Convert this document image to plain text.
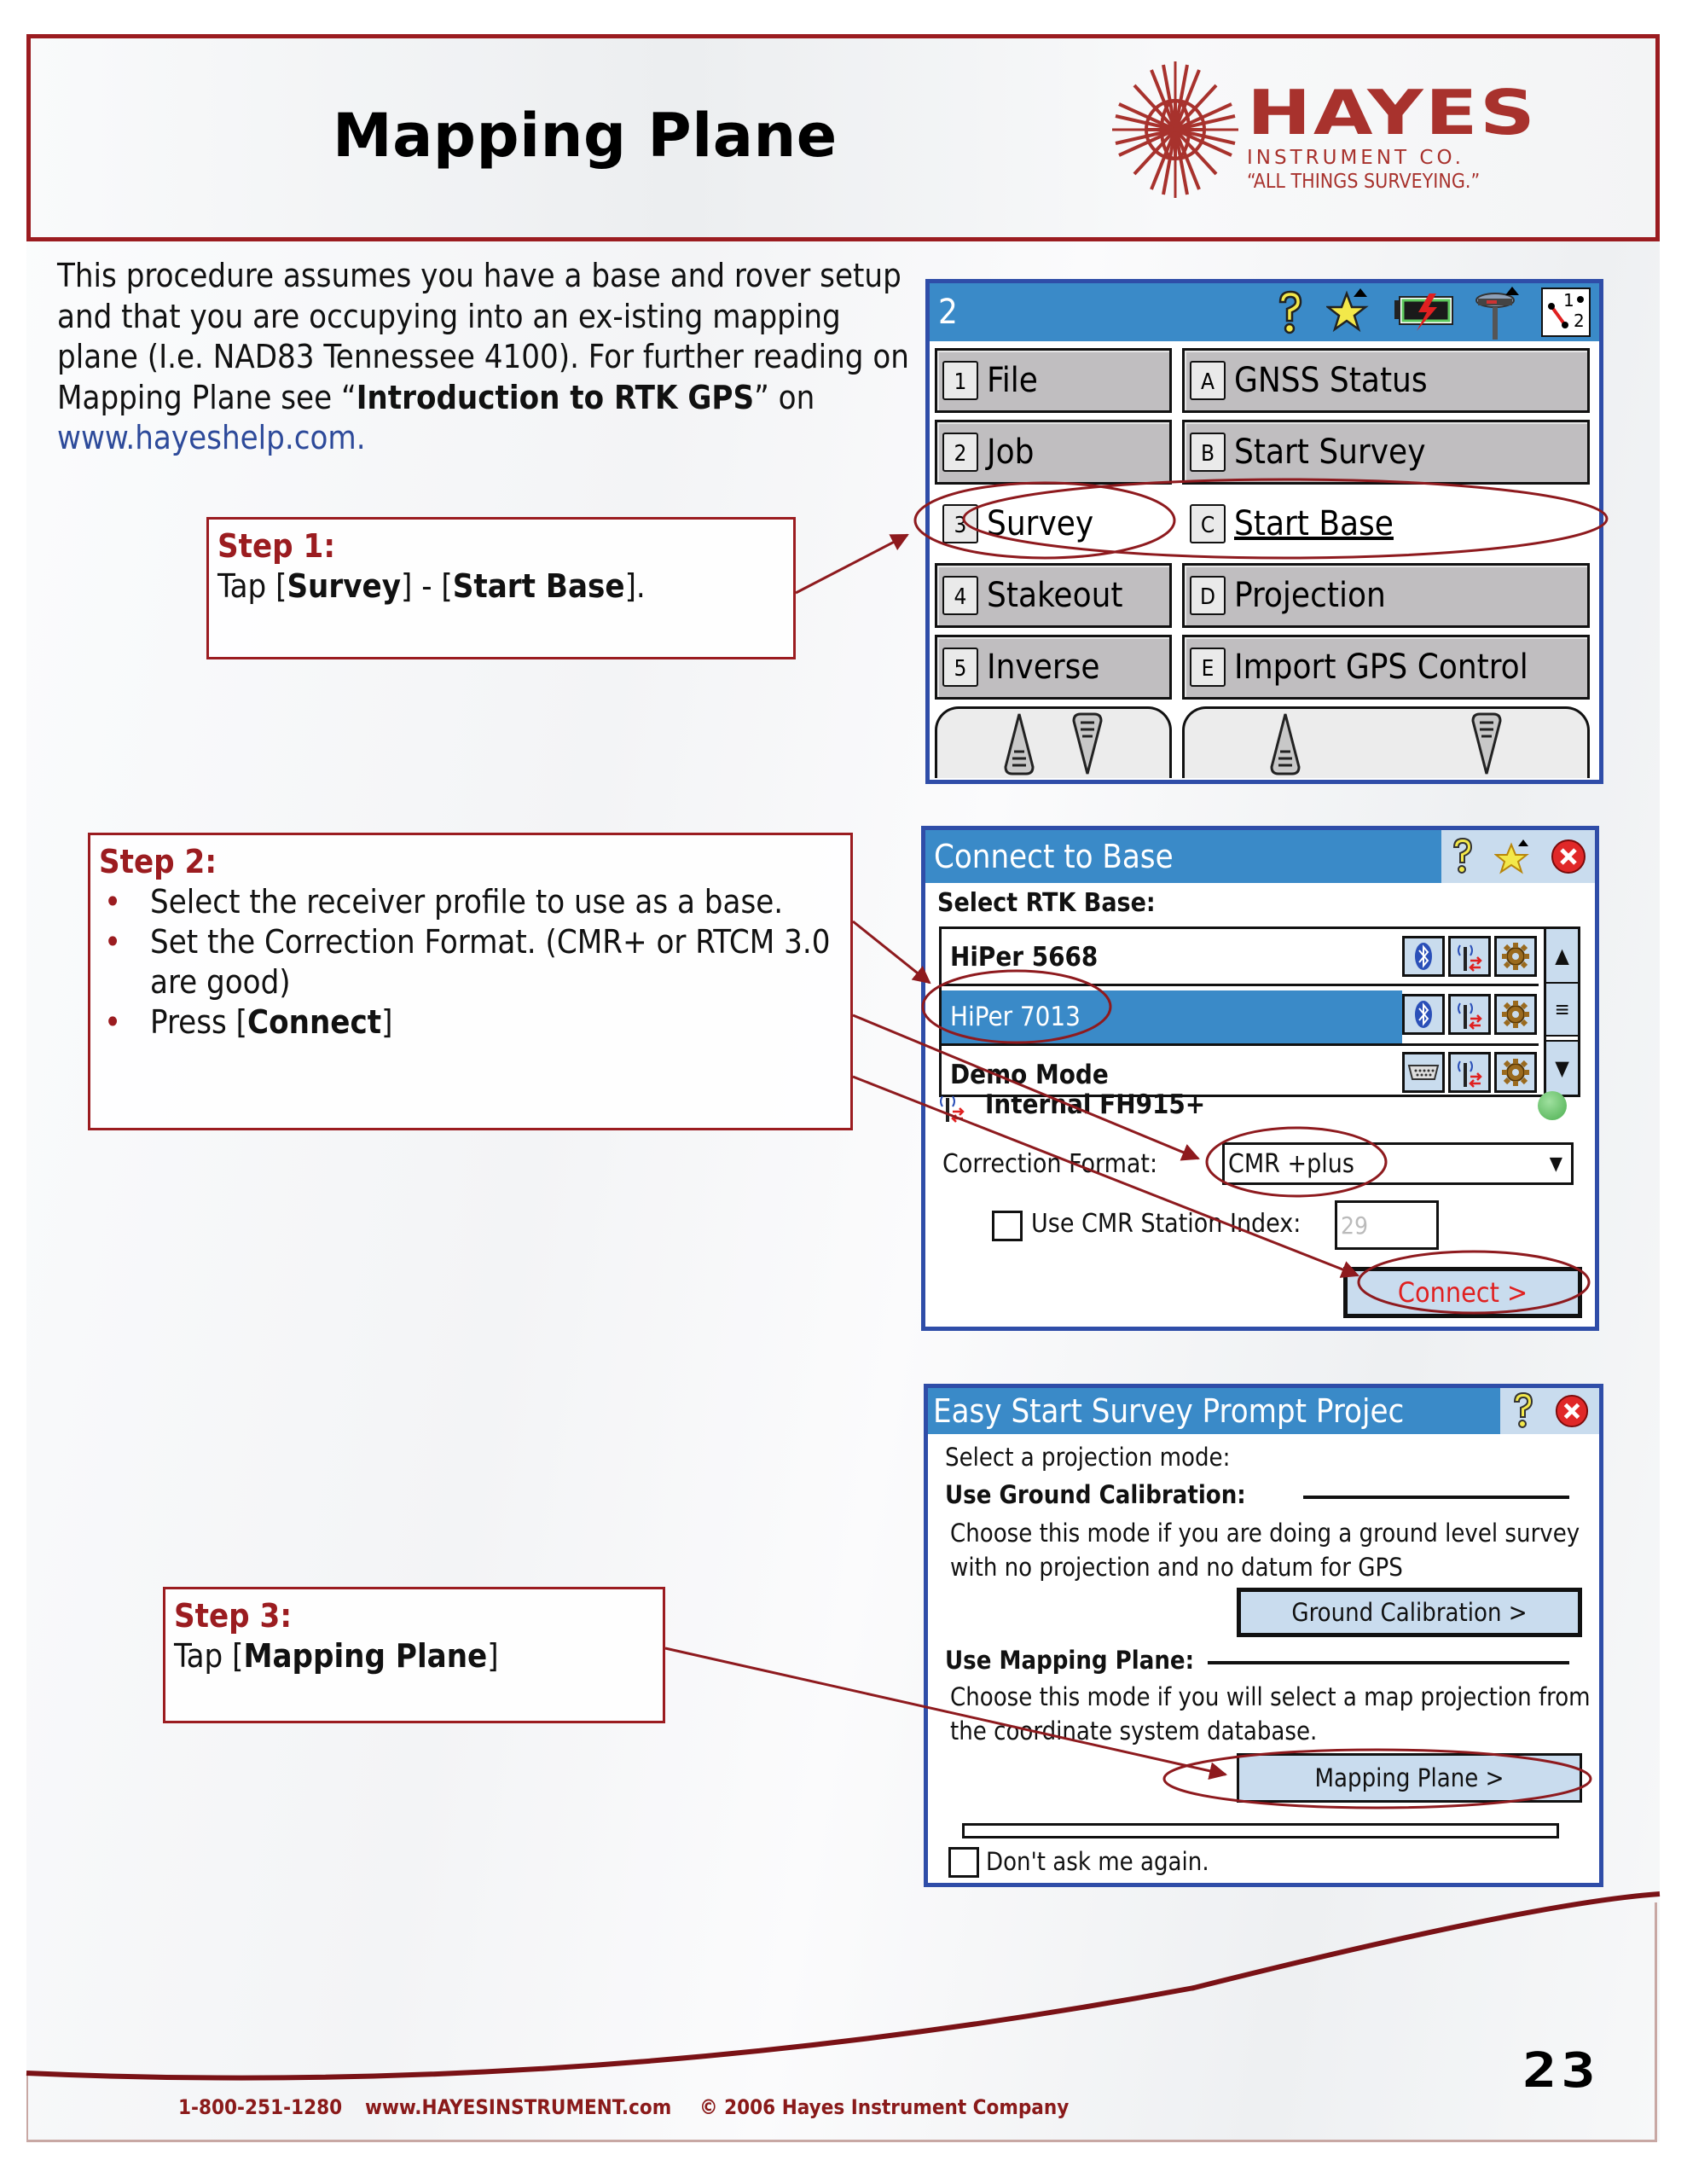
Mapping Plane	HAYES
INSTRUMENT CO.
“ALL THINGS SURVEYING.”
This procedure assumes you have a base and rover setup and that you are occupying into an ex-isting mapping plane (I.e. NAD83 Tennessee 4100). For further reading on Mapping Plane see “Introduction to RTK GPS” on
www.hayeshelp.com.
Step 1:
Tap [Survey] - [Start Base].
2	1
2
1 File	A GNSS Status
2 Job	B Start Survey
3 Survey	C Start Base
4 Stakeout	D Projection
5 Inverse	E Import GPS Control
Step 2:
• Select the receiver profile to use as a base.
• Set the Correction Format. (CMR+ or RTCM 3.0 are good)
• Press [Connect]
Connect to Base
Select RTK Base:
HiPer 5668
HiPer 7013
Demo Mode
▲
≡
▼
Internal FH915+
Correction Format:	CMR +plus	▼
Use CMR Station Index: 29
Connect >
Step 3:
Tap [Mapping Plane]
Easy Start Survey Prompt Projec
Select a projection mode:
Use Ground Calibration:
Choose this mode if you are doing a ground level survey with no projection and no datum for GPS
Ground Calibration >
Use Mapping Plane:
Choose this mode if you will select a map projection from the coordinate system database.
Mapping Plane >
Don't ask me again.
1-800-251-1280 www.HAYESINSTRUMENT.com © 2006 Hayes Instrument Company
23
